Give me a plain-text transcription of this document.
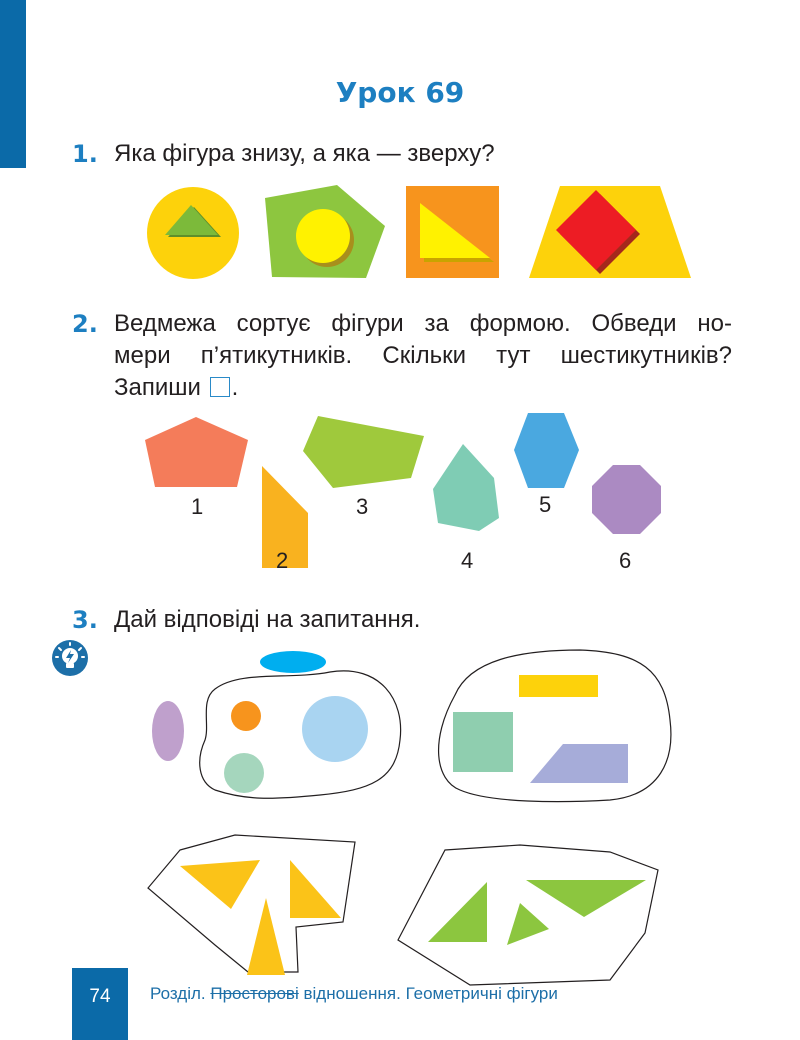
Урок 69
1. Яка фігура знизу, а яка — зверху?
2. Ведмежа сортує фігури за формою. Обведи но-
мери п’ятикутників. Скільки тут шестикутників?
Запиши .
1
2
3
4
5
6
3. Дай відповіді на запитання.
74	Розділ. Просторові відношення. Геометричні фігури
